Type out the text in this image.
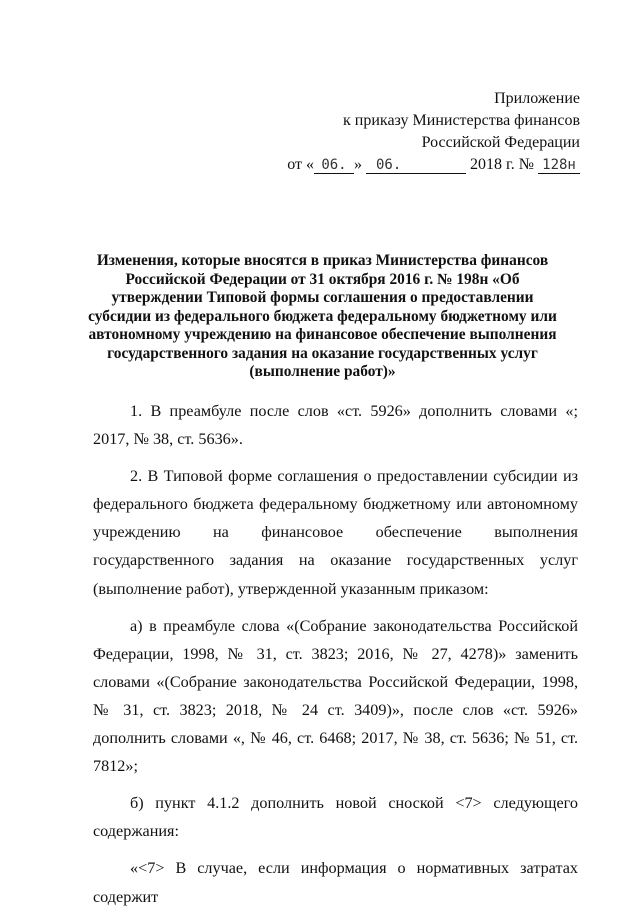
Приложение
к приказу Министерства финансов
Российской Федерации
от « 06. » 06.	2018 г. № 128н
Изменения, которые вносятся в приказ Министерства финансов Российской Федерации от 31 октября 2016 г. № 198н «Об утверждении Типовой формы соглашения о предоставлении субсидии из федерального бюджета федеральному бюджетному или автономному учреждению на финансовое обеспечение выполнения государственного задания на оказание государственных услуг (выполнение работ)»

1. В преамбуле после слов «ст. 5926» дополнить словами «; 2017, № 38, ст. 5636».

2. В Типовой форме соглашения о предоставлении субсидии из федерального бюджета федеральному бюджетному или автономному учреждению на финансовое обеспечение выполнения государственного задания на оказание государственных услуг (выполнение работ), утвержденной указанным приказом:

а) в преамбуле слова «(Собрание законодательства Российской Федерации, 1998, № 31, ст. 3823; 2016, № 27, 4278)» заменить словами «(Собрание законодательства Российской Федерации, 1998, № 31, ст. 3823; 2018, № 24 ст. 3409)», после слов «ст. 5926» дополнить словами «, № 46, ст. 6468; 2017, № 38, ст. 5636; № 51, ст. 7812»;

б) пункт 4.1.2 дополнить новой сноской <7> следующего содержания:

«<7> В случае, если информация о нормативных затратах содержит
